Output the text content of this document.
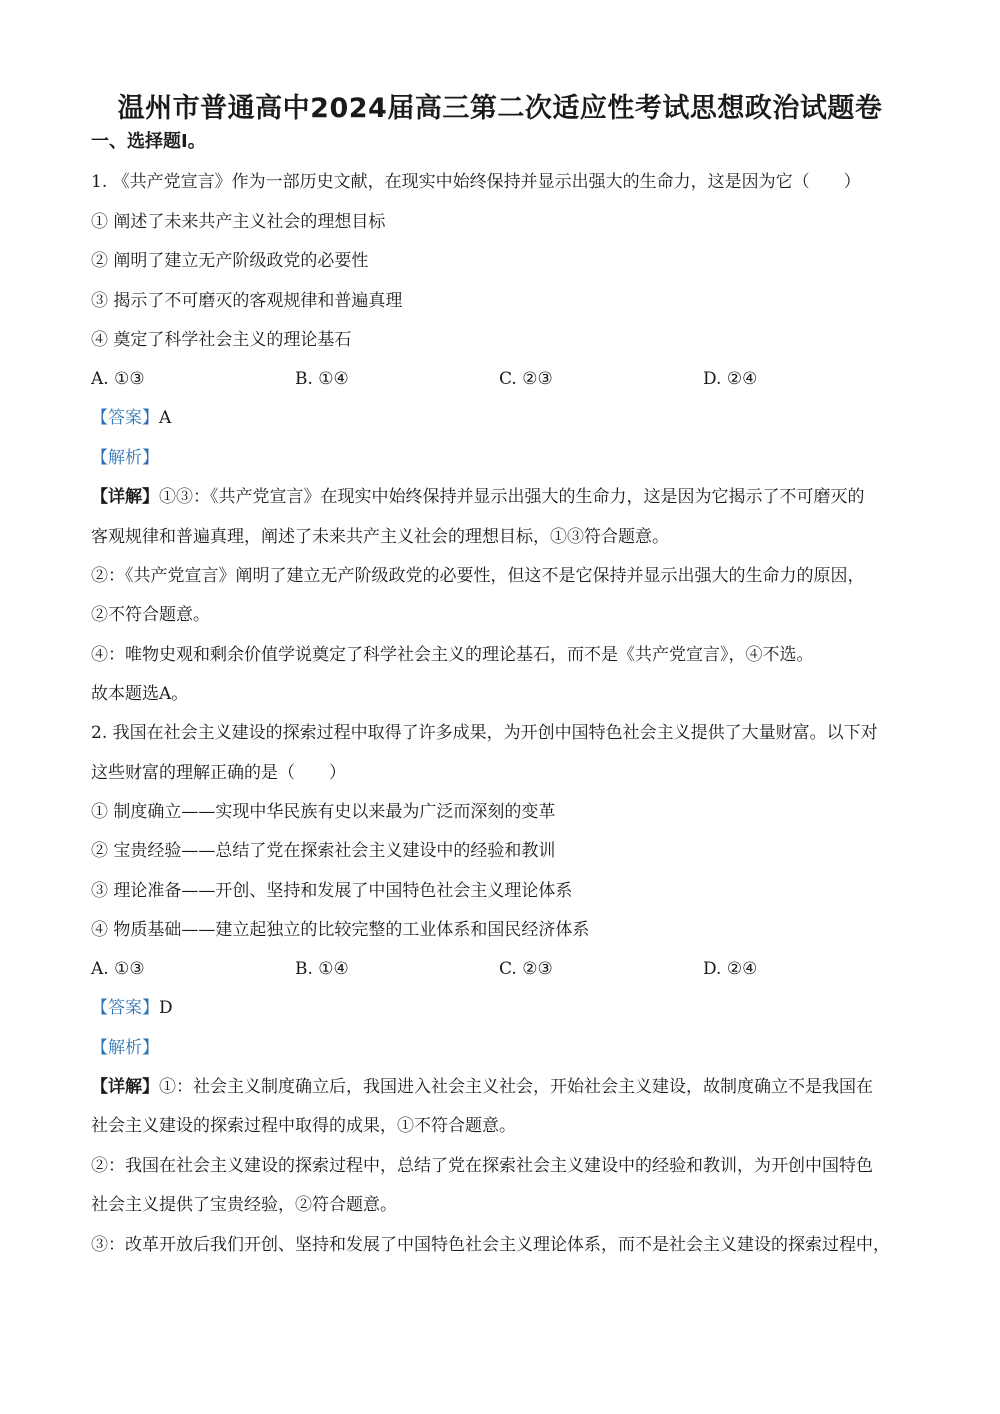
温州市普通高中2024届高三第二次适应性考试思想政治试题卷
一、选择题Ⅰ。
1. 《共产党宣言》作为一部历史文献，在现实中始终保持并显示出强大的生命力，这是因为它（　　）
① 阐述了未来共产主义社会的理想目标
② 阐明了建立无产阶级政党的必要性
③ 揭示了不可磨灭的客观规律和普遍真理
④ 奠定了科学社会主义的理论基石
A. ①③	B. ①④	C. ②③	D. ②④
【答案】A
【解析】
【详解】①③：《共产党宣言》在现实中始终保持并显示出强大的生命力，这是因为它揭示了不可磨灭的
客观规律和普遍真理，阐述了未来共产主义社会的理想目标，①③符合题意。
②：《共产党宣言》阐明了建立无产阶级政党的必要性，但这不是它保持并显示出强大的生命力的原因，
②不符合题意。
④：唯物史观和剩余价值学说奠定了科学社会主义的理论基石，而不是《共产党宣言》，④不选。
故本题选A。
2. 我国在社会主义建设的探索过程中取得了许多成果，为开创中国特色社会主义提供了大量财富。以下对
这些财富的理解正确的是（　　）
① 制度确立——实现中华民族有史以来最为广泛而深刻的变革
② 宝贵经验——总结了党在探索社会主义建设中的经验和教训
③ 理论准备——开创、坚持和发展了中国特色社会主义理论体系
④ 物质基础——建立起独立的比较完整的工业体系和国民经济体系
A. ①③	B. ①④	C. ②③	D. ②④
【答案】D
【解析】
【详解】①：社会主义制度确立后，我国进入社会主义社会，开始社会主义建设，故制度确立不是我国在
社会主义建设的探索过程中取得的成果，①不符合题意。
②：我国在社会主义建设的探索过程中，总结了党在探索社会主义建设中的经验和教训，为开创中国特色
社会主义提供了宝贵经验，②符合题意。
③：改革开放后我们开创、坚持和发展了中国特色社会主义理论体系，而不是社会主义建设的探索过程中，
